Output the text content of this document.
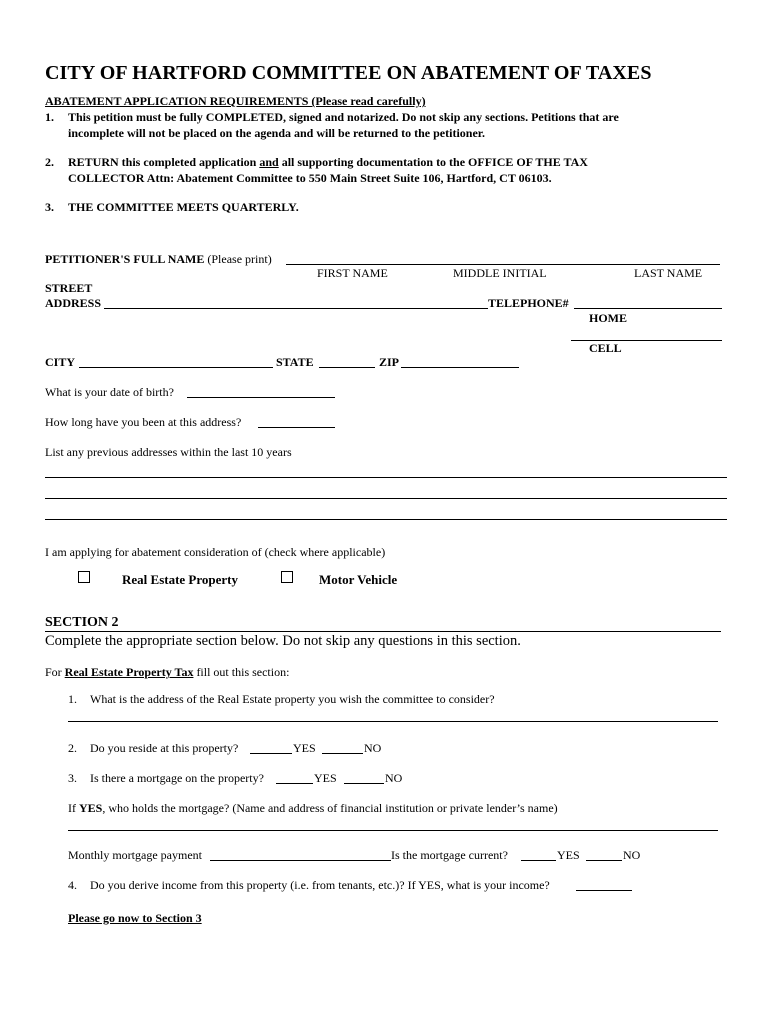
CITY OF HARTFORD COMMITTEE ON ABATEMENT OF TAXES
ABATEMENT APPLICATION REQUIREMENTS (Please read carefully)
1. This petition must be fully COMPLETED, signed and notarized. Do not skip any sections. Petitions that are
incomplete will not be placed on the agenda and will be returned to the petitioner.
2. RETURN this completed application and all supporting documentation to the OFFICE OF THE TAX
COLLECTOR Attn: Abatement Committee to 550 Main Street Suite 106, Hartford, CT 06103.
3. THE COMMITTEE MEETS QUARTERLY.
PETITIONER'S FULL NAME (Please print)
FIRST NAME	MIDDLE INITIAL	LAST NAME
STREET
ADDRESS	TELEPHONE#
HOME
CELL
CITY	STATE	ZIP
What is your date of birth?
How long have you been at this address?
List any previous addresses within the last 10 years
I am applying for abatement consideration of (check where applicable)
Real Estate Property	Motor Vehicle
SECTION 2
Complete the appropriate section below. Do not skip any questions in this section.
For Real Estate Property Tax fill out this section:
1. What is the address of the Real Estate property you wish the committee to consider?
2. Do you reside at this property?	YES	NO
3. Is there a mortgage on the property?	YES	NO
If YES, who holds the mortgage? (Name and address of financial institution or private lender’s name)
Monthly mortgage payment	Is the mortgage current?	YES	NO
4. Do you derive income from this property (i.e. from tenants, etc.)? If YES, what is your income?
Please go now to Section 3
